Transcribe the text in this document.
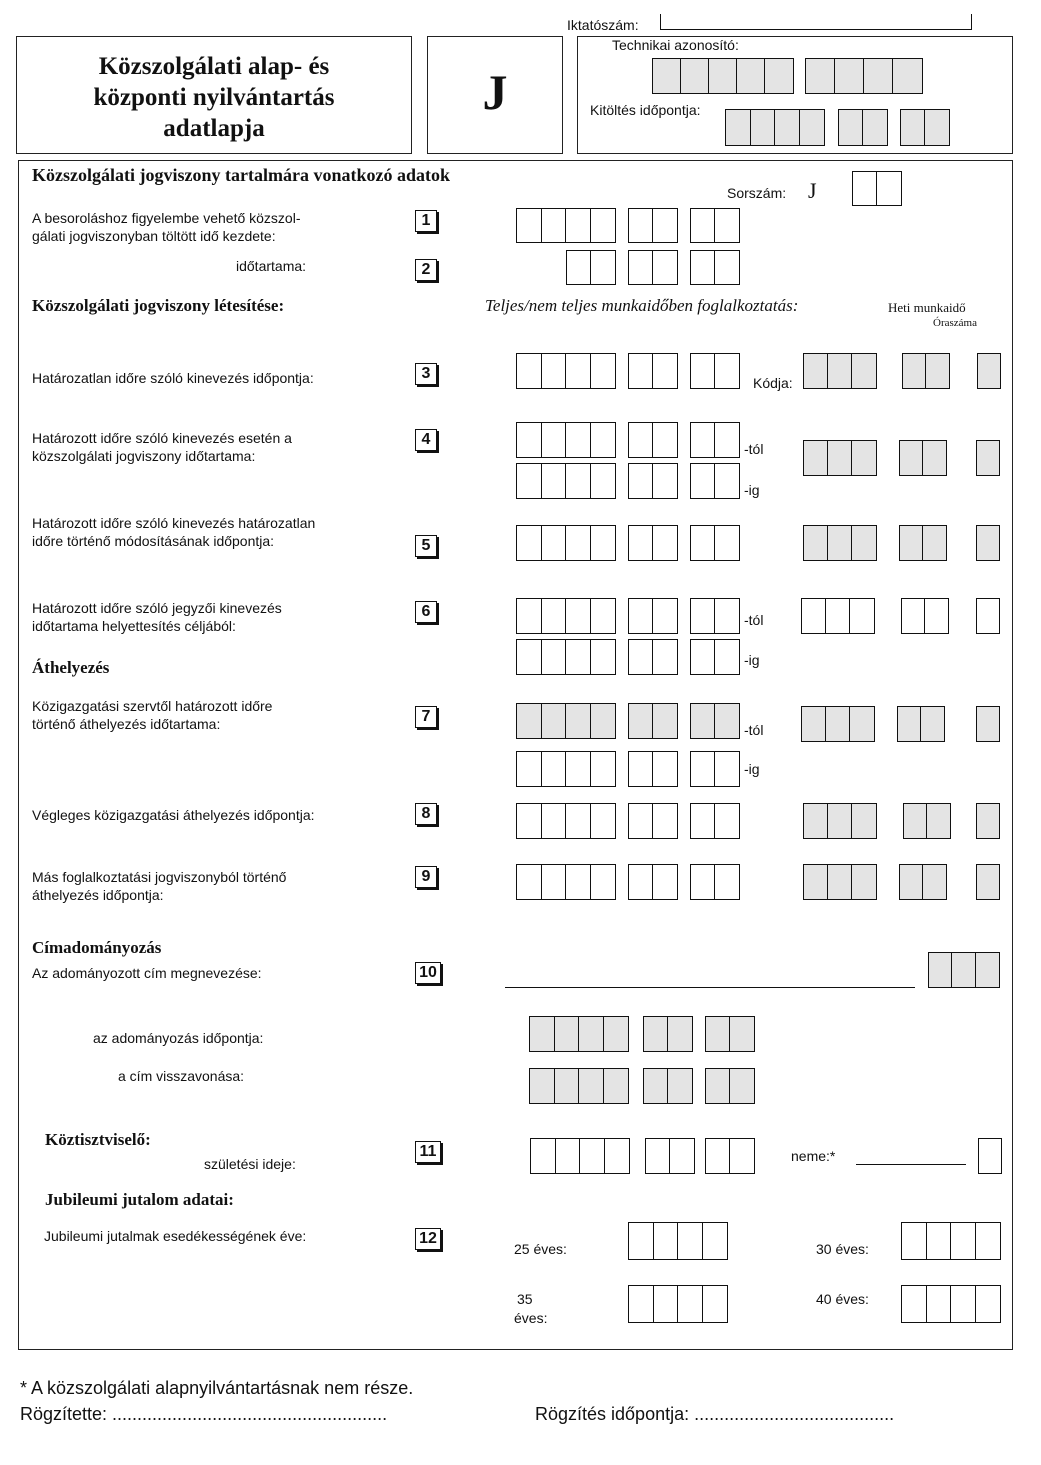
Iktatószám:
Közszolgálati alap- és
központi nyilvántartás
adatlapja
J
Technikai azonosító:
Kitöltés időpontja:
Közszolgálati jogviszony tartalmára vonatkozó adatok
Sorszám: J
A besoroláshoz figyelembe vehető közszol-
gálati jogviszonyban töltött idő kezdete:
1
időtartama:	2
Közszolgálati jogviszony létesítése:	Teljes/nem teljes munkaidőben foglalkoztatás:	Heti munkaidő
Óraszáma
Határozatlan időre szóló kinevezés időpontja:	3
Kódja:
Határozott időre szóló kinevezés esetén a
közszolgálati jogviszony időtartama:
4
-tól
-ig
Határozott időre szóló kinevezés határozatlan
időre történő módosításának időpontja:	5
Határozott időre szóló jegyzői kinevezés
időtartama helyettesítés céljából:
6	-tól
-ig
Áthelyezés
Közigazgatási szervtől határozott időre
történő áthelyezés időtartama:	7
-tól
-ig
Végleges közigazgatási áthelyezés időpontja:	8
Más foglalkoztatási jogviszonyból történő
áthelyezés időpontja:
9
Címadományozás
Az adományozott cím megnevezése:	10
az adományozás időpontja:
a cím visszavonása:
Köztisztviselő:
születési ideje:
11	neme:*
Jubileumi jutalom adatai:
Jubileumi jutalmak esedékességének éve:	12
25 éves:	30 éves:
35
éves:
40 éves:
* A közszolgálati alapnyilvántartásnak nem része.
Rögzítette: .......................................................	Rögzítés időpontja: ........................................
